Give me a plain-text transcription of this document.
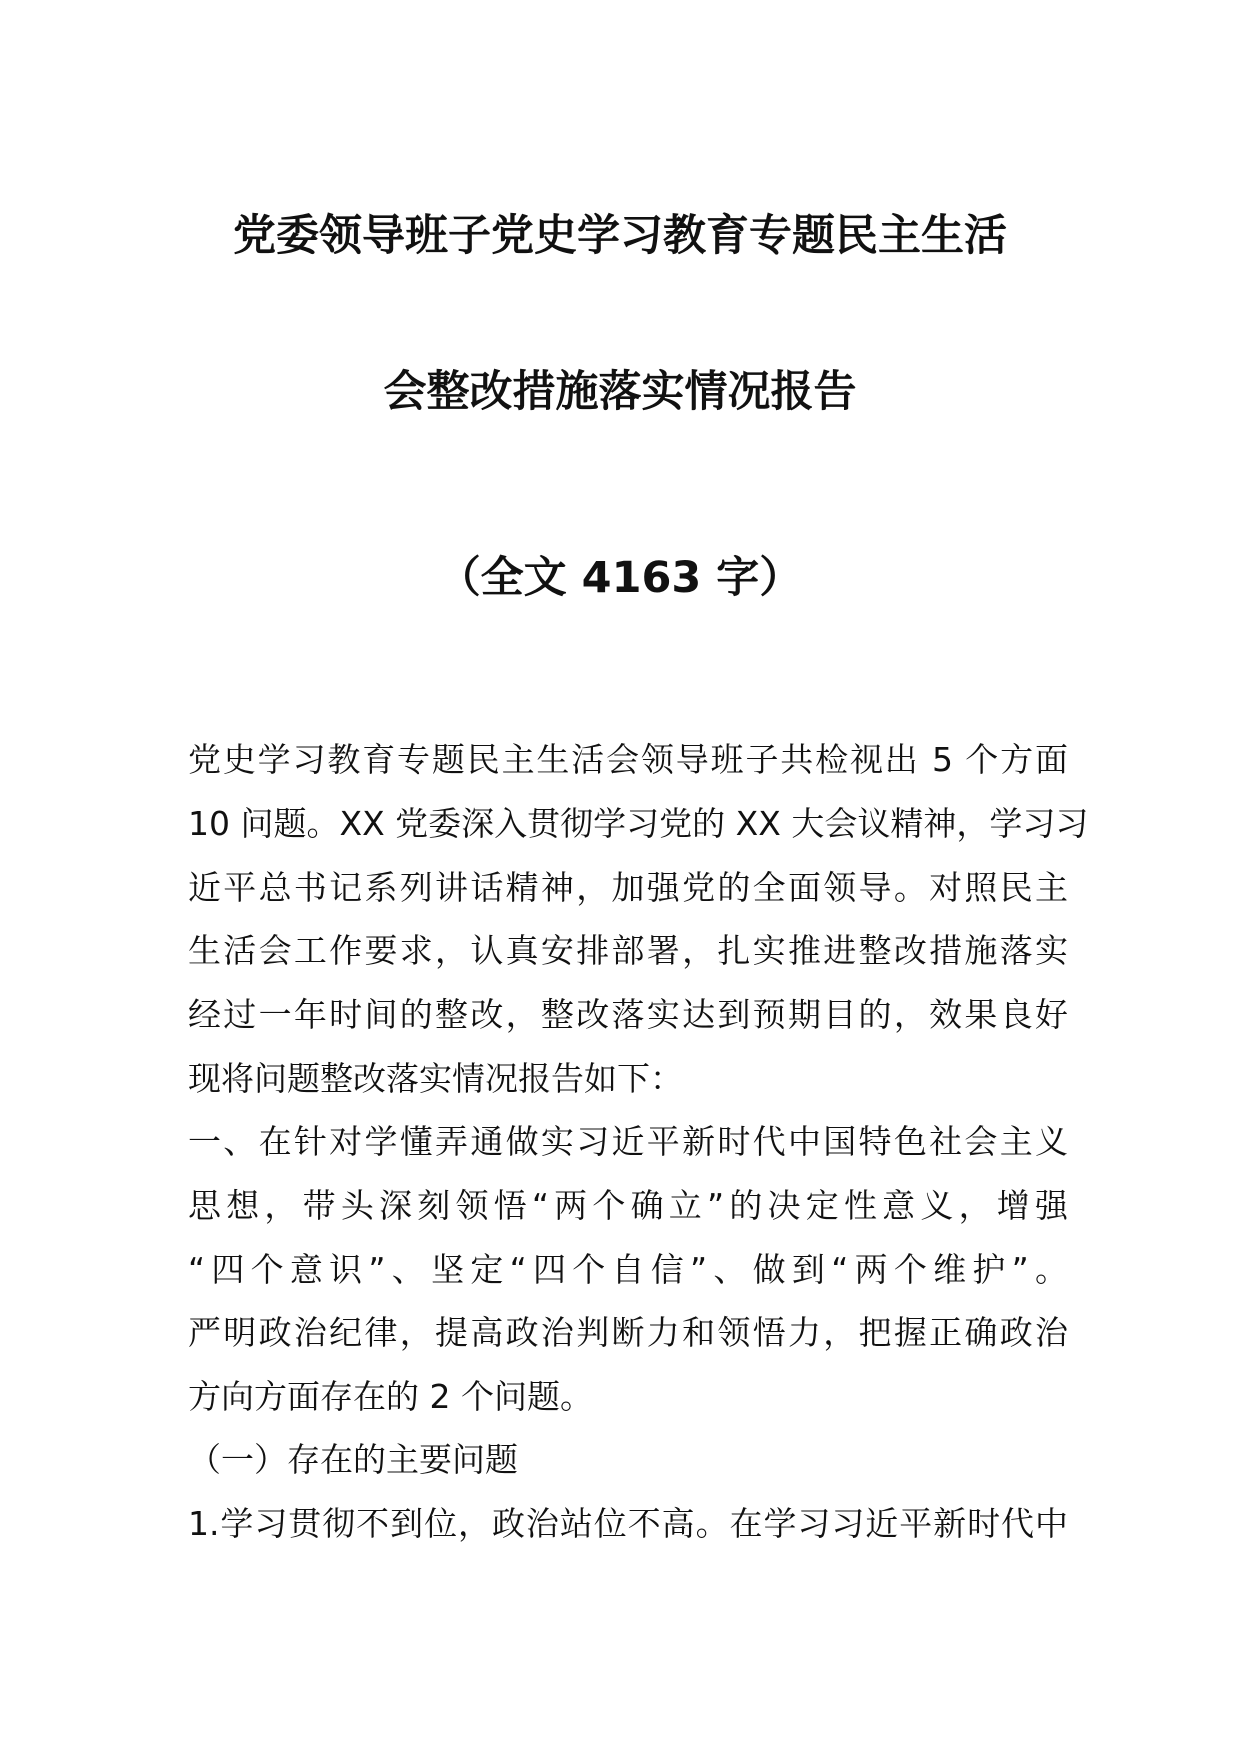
党委领导班子党史学习教育专题民主生活
会整改措施落实情况报告
（全文 4163 字）
党史学习教育专题民主生活会领导班子共检视出 5 个方面
10 问题。XX 党委深入贯彻学习党的 XX 大会议精神，学习习
近平总书记系列讲话精神，加强党的全面领导。对照民主
生活会工作要求，认真安排部署，扎实推进整改措施落实
经过一年时间的整改，整改落实达到预期目的，效果良好
现将问题整改落实情况报告如下：
一、在针对学懂弄通做实习近平新时代中国特色社会主义
思想，带头深刻领悟“两个确立”的决定性意义，增强
“四个意识”、坚定“四个自信”、做到“两个维护”。
严明政治纪律，提高政治判断力和领悟力，把握正确政治
方向方面存在的 2 个问题。
（一）存在的主要问题
1.学习贯彻不到位，政治站位不高。在学习习近平新时代中
